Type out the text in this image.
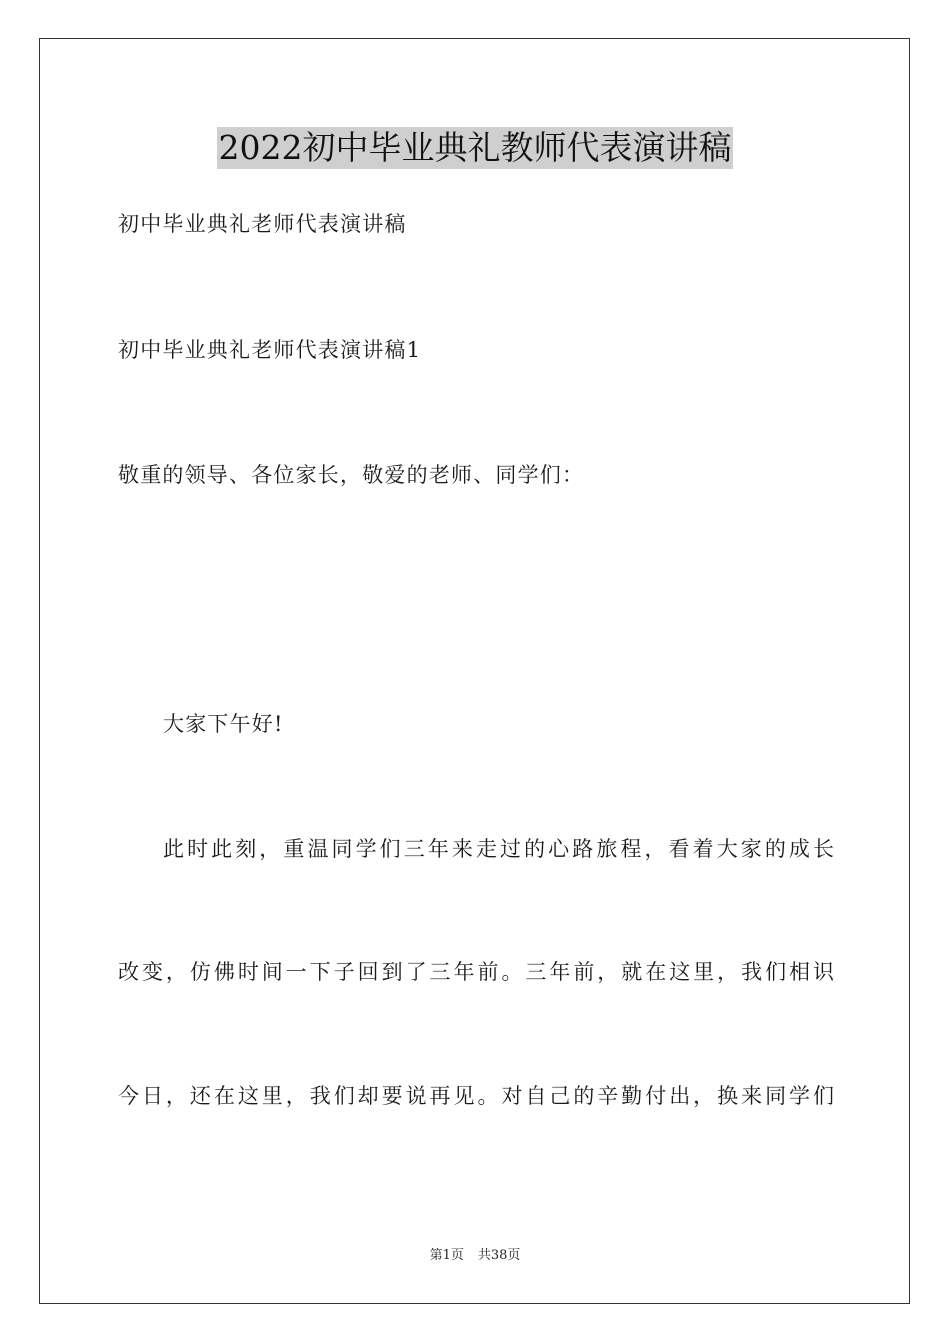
2022初中毕业典礼教师代表演讲稿
初中毕业典礼老师代表演讲稿
初中毕业典礼老师代表演讲稿1
敬重的领导、各位家长，敬爱的老师、同学们：
大家下午好!
此时此刻，重温同学们三年来走过的心路旅程，看着大家的成长
改变，仿佛时间一下子回到了三年前。三年前，就在这里，我们相识
今日，还在这里，我们却要说再见。对自己的辛勤付出，换来同学们
第1页 共38页
